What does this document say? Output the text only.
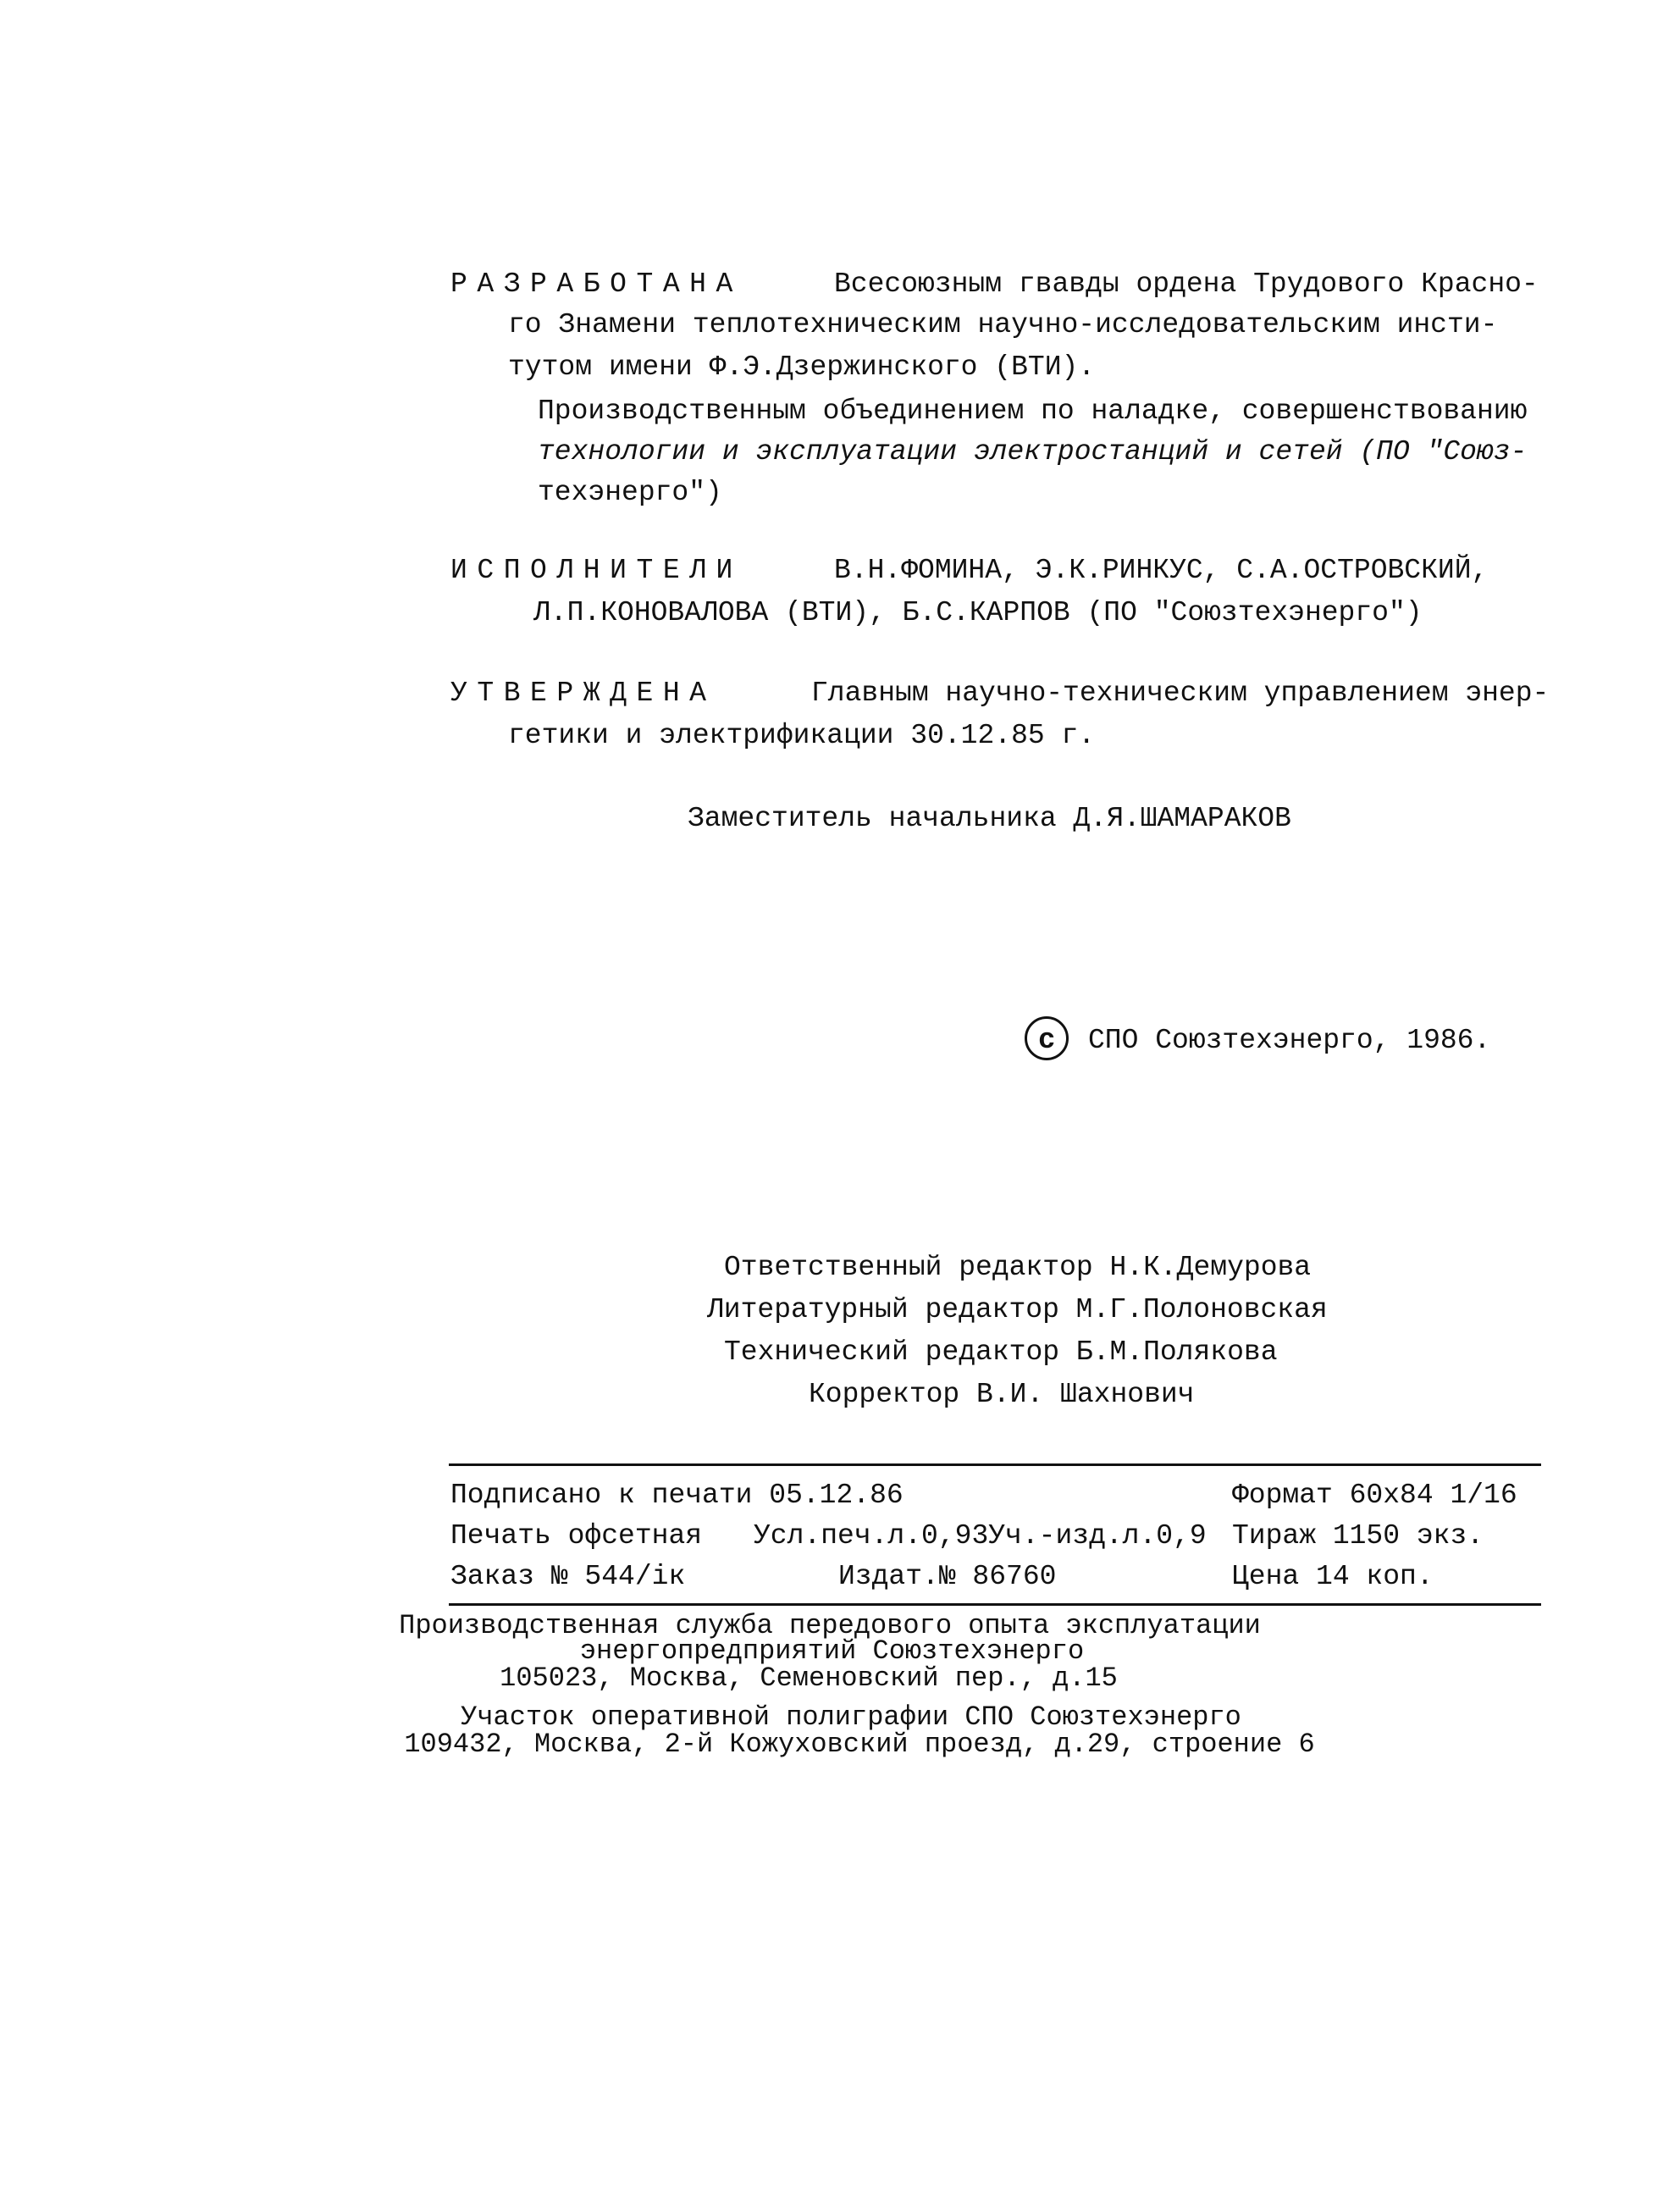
РАЗРАБОТАНА	Всесоюзным гвавды ордена Трудового Красно-
го Знамени теплотехническим научно-исследовательским инсти-
тутом имени Ф.Э.Дзержинского (ВТИ).
Производственным объединением по наладке, совершенствованию
технологии и эксплуатации электростанций и сетей (ПО "Союз-
техэнерго")
ИСПОЛНИТЕЛИ	В.Н.ФОМИНА, Э.К.РИНКУС, С.А.ОСТРОВСКИЙ,
Л.П.КОНОВАЛОВА (ВТИ), Б.С.КАРПОВ (ПО "Союзтехэнерго")
УТВЕРЖДЕНА	Главным научно-техническим управлением энер-
гетики и электрификации 30.12.85 г.
Заместитель начальника Д.Я.ШАМАРАКОВ
c	СПО Союзтехэнерго, 1986.
Ответственный редактор Н.К.Демурова
Литературный редактор М.Г.Полоновская
Технический редактор Б.М.Полякова
Корректор В.И. Шахнович
Подписано к печати 05.12.86	Формат 60х84 1/16
Печать офсетная Усл.печ.л.0,93Уч.-изд.л.0,9 Тираж 1150 экз.
Заказ № 544/ік	Издат.№ 86760	Цена 14 коп.
Производственная служба передового опыта эксплуатации
энергопредприятий Союзтехэнерго
105023, Москва, Семеновский пер., д.15
Участок оперативной полиграфии СПО Союзтехэнерго
109432, Москва, 2-й Кожуховский проезд, д.29, строение 6
